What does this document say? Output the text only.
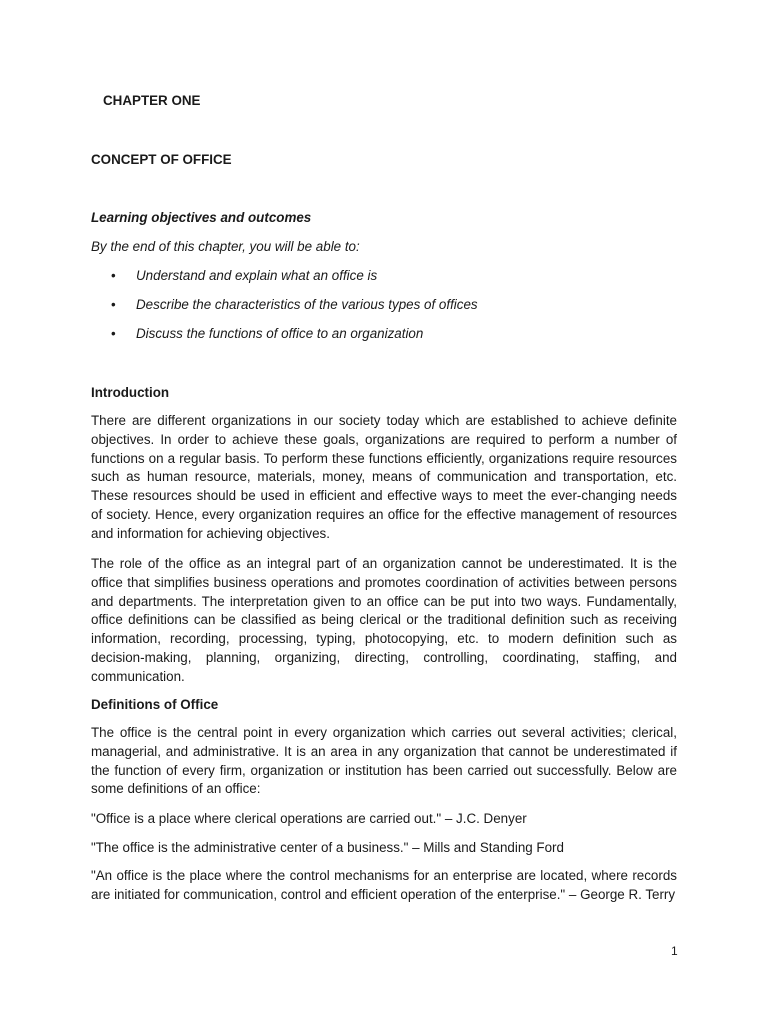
CHAPTER ONE
CONCEPT OF OFFICE
Learning objectives and outcomes
By the end of this chapter, you will be able to:
• Understand and explain what an office is
• Describe the characteristics of the various types of offices
• Discuss the functions of office to an organization
Introduction

There are different organizations in our society today which are established to achieve definite objectives. In order to achieve these goals, organizations are required to perform a number of functions on a regular basis. To perform these functions efficiently, organizations require resources such as human resource, materials, money, means of communication and transportation, etc. These resources should be used in efficient and effective ways to meet the ever-changing needs of society. Hence, every organization requires an office for the effective management of resources and information for achieving objectives.

The role of the office as an integral part of an organization cannot be underestimated. It is the office that simplifies business operations and promotes coordination of activities between persons and departments. The interpretation given to an office can be put into two ways. Fundamentally, office definitions can be classified as being clerical or the traditional definition such as receiving information, recording, processing, typing, photocopying, etc. to modern definition such as decision-making, planning, organizing, directing, controlling, coordinating, staffing, and communication.

Definitions of Office

The office is the central point in every organization which carries out several activities; clerical, managerial, and administrative. It is an area in any organization that cannot be underestimated if the function of every firm, organization or institution has been carried out successfully. Below are some definitions of an office:

"Office is a place where clerical operations are carried out." – J.C. Denyer

"The office is the administrative center of a business." – Mills and Standing Ford

"An office is the place where the control mechanisms for an enterprise are located, where records are initiated for communication, control and efficient operation of the enterprise." – George R. Terry

1
